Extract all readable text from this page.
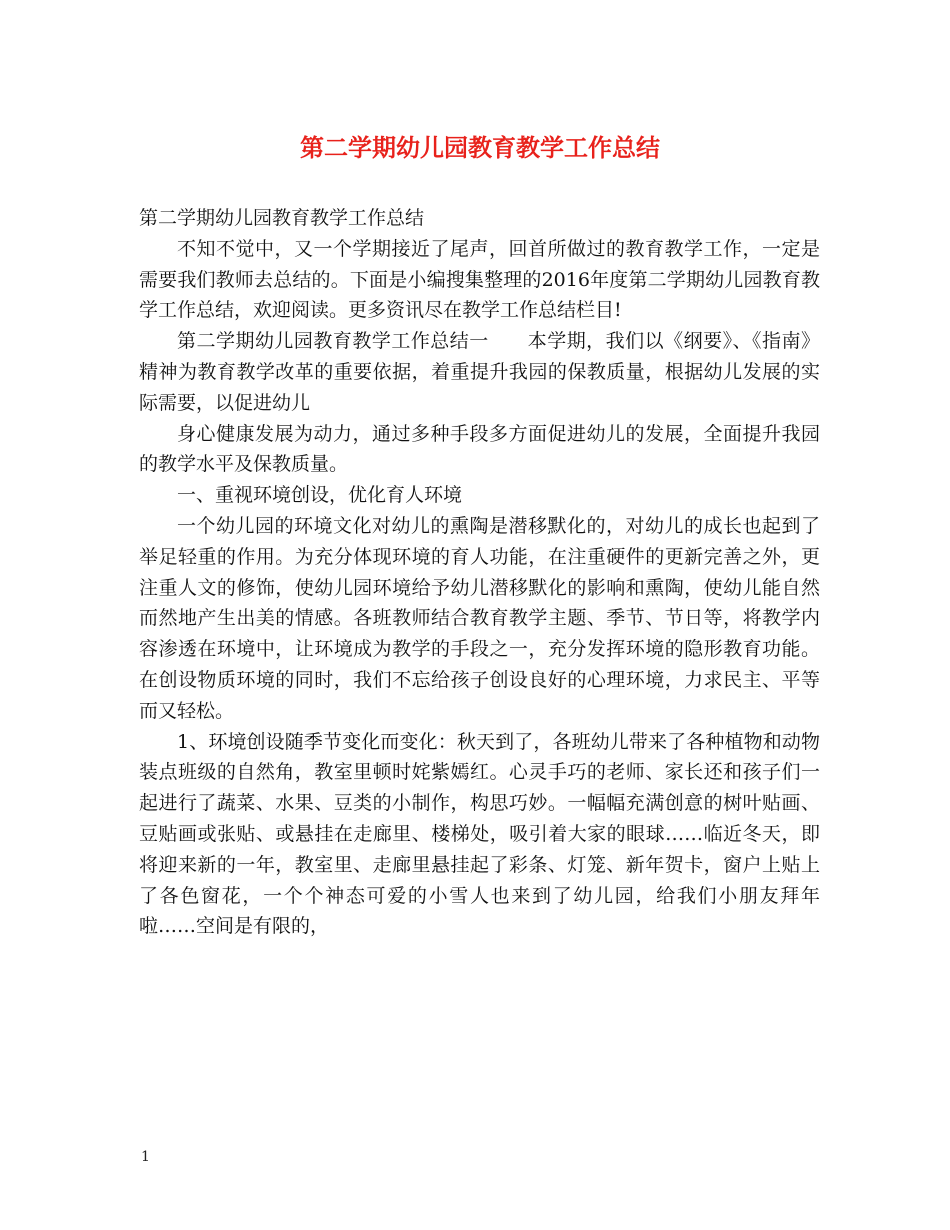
第二学期幼儿园教育教学工作总结

第二学期幼儿园教育教学工作总结

不知不觉中，又一个学期接近了尾声，回首所做过的教育教学工作，一定是需要我们教师去总结的。下面是小编搜集整理的2016年度第二学期幼儿园教育教学工作总结，欢迎阅读。更多资讯尽在教学工作总结栏目!

第二学期幼儿园教育教学工作总结一　　本学期，我们以《纲要》、《指南》精神为教育教学改革的重要依据，着重提升我园的保教质量，根据幼儿发展的实际需要，以促进幼儿

身心健康发展为动力，通过多种手段多方面促进幼儿的发展，全面提升我园的教学水平及保教质量。

一、重视环境创设，优化育人环境

一个幼儿园的环境文化对幼儿的熏陶是潜移默化的，对幼儿的成长也起到了举足轻重的作用。为充分体现环境的育人功能，在注重硬件的更新完善之外，更注重人文的修饰，使幼儿园环境给予幼儿潜移默化的影响和熏陶，使幼儿能自然而然地产生出美的情感。各班教师结合教育教学主题、季节、节日等，将教学内容渗透在环境中，让环境成为教学的手段之一，充分发挥环境的隐形教育功能。在创设物质环境的同时，我们不忘给孩子创设良好的心理环境，力求民主、平等而又轻松。

1、环境创设随季节变化而变化：秋天到了，各班幼儿带来了各种植物和动物装点班级的自然角，教室里顿时姹紫嫣红。心灵手巧的老师、家长还和孩子们一起进行了蔬菜、水果、豆类的小制作，构思巧妙。一幅幅充满创意的树叶贴画、豆贴画或张贴、或悬挂在走廊里、楼梯处，吸引着大家的眼球……临近冬天，即将迎来新的一年，教室里、走廊里悬挂起了彩条、灯笼、新年贺卡，窗户上贴上了各色窗花，一个个神态可爱的小雪人也来到了幼儿园，给我们小朋友拜年啦……空间是有限的，

1
